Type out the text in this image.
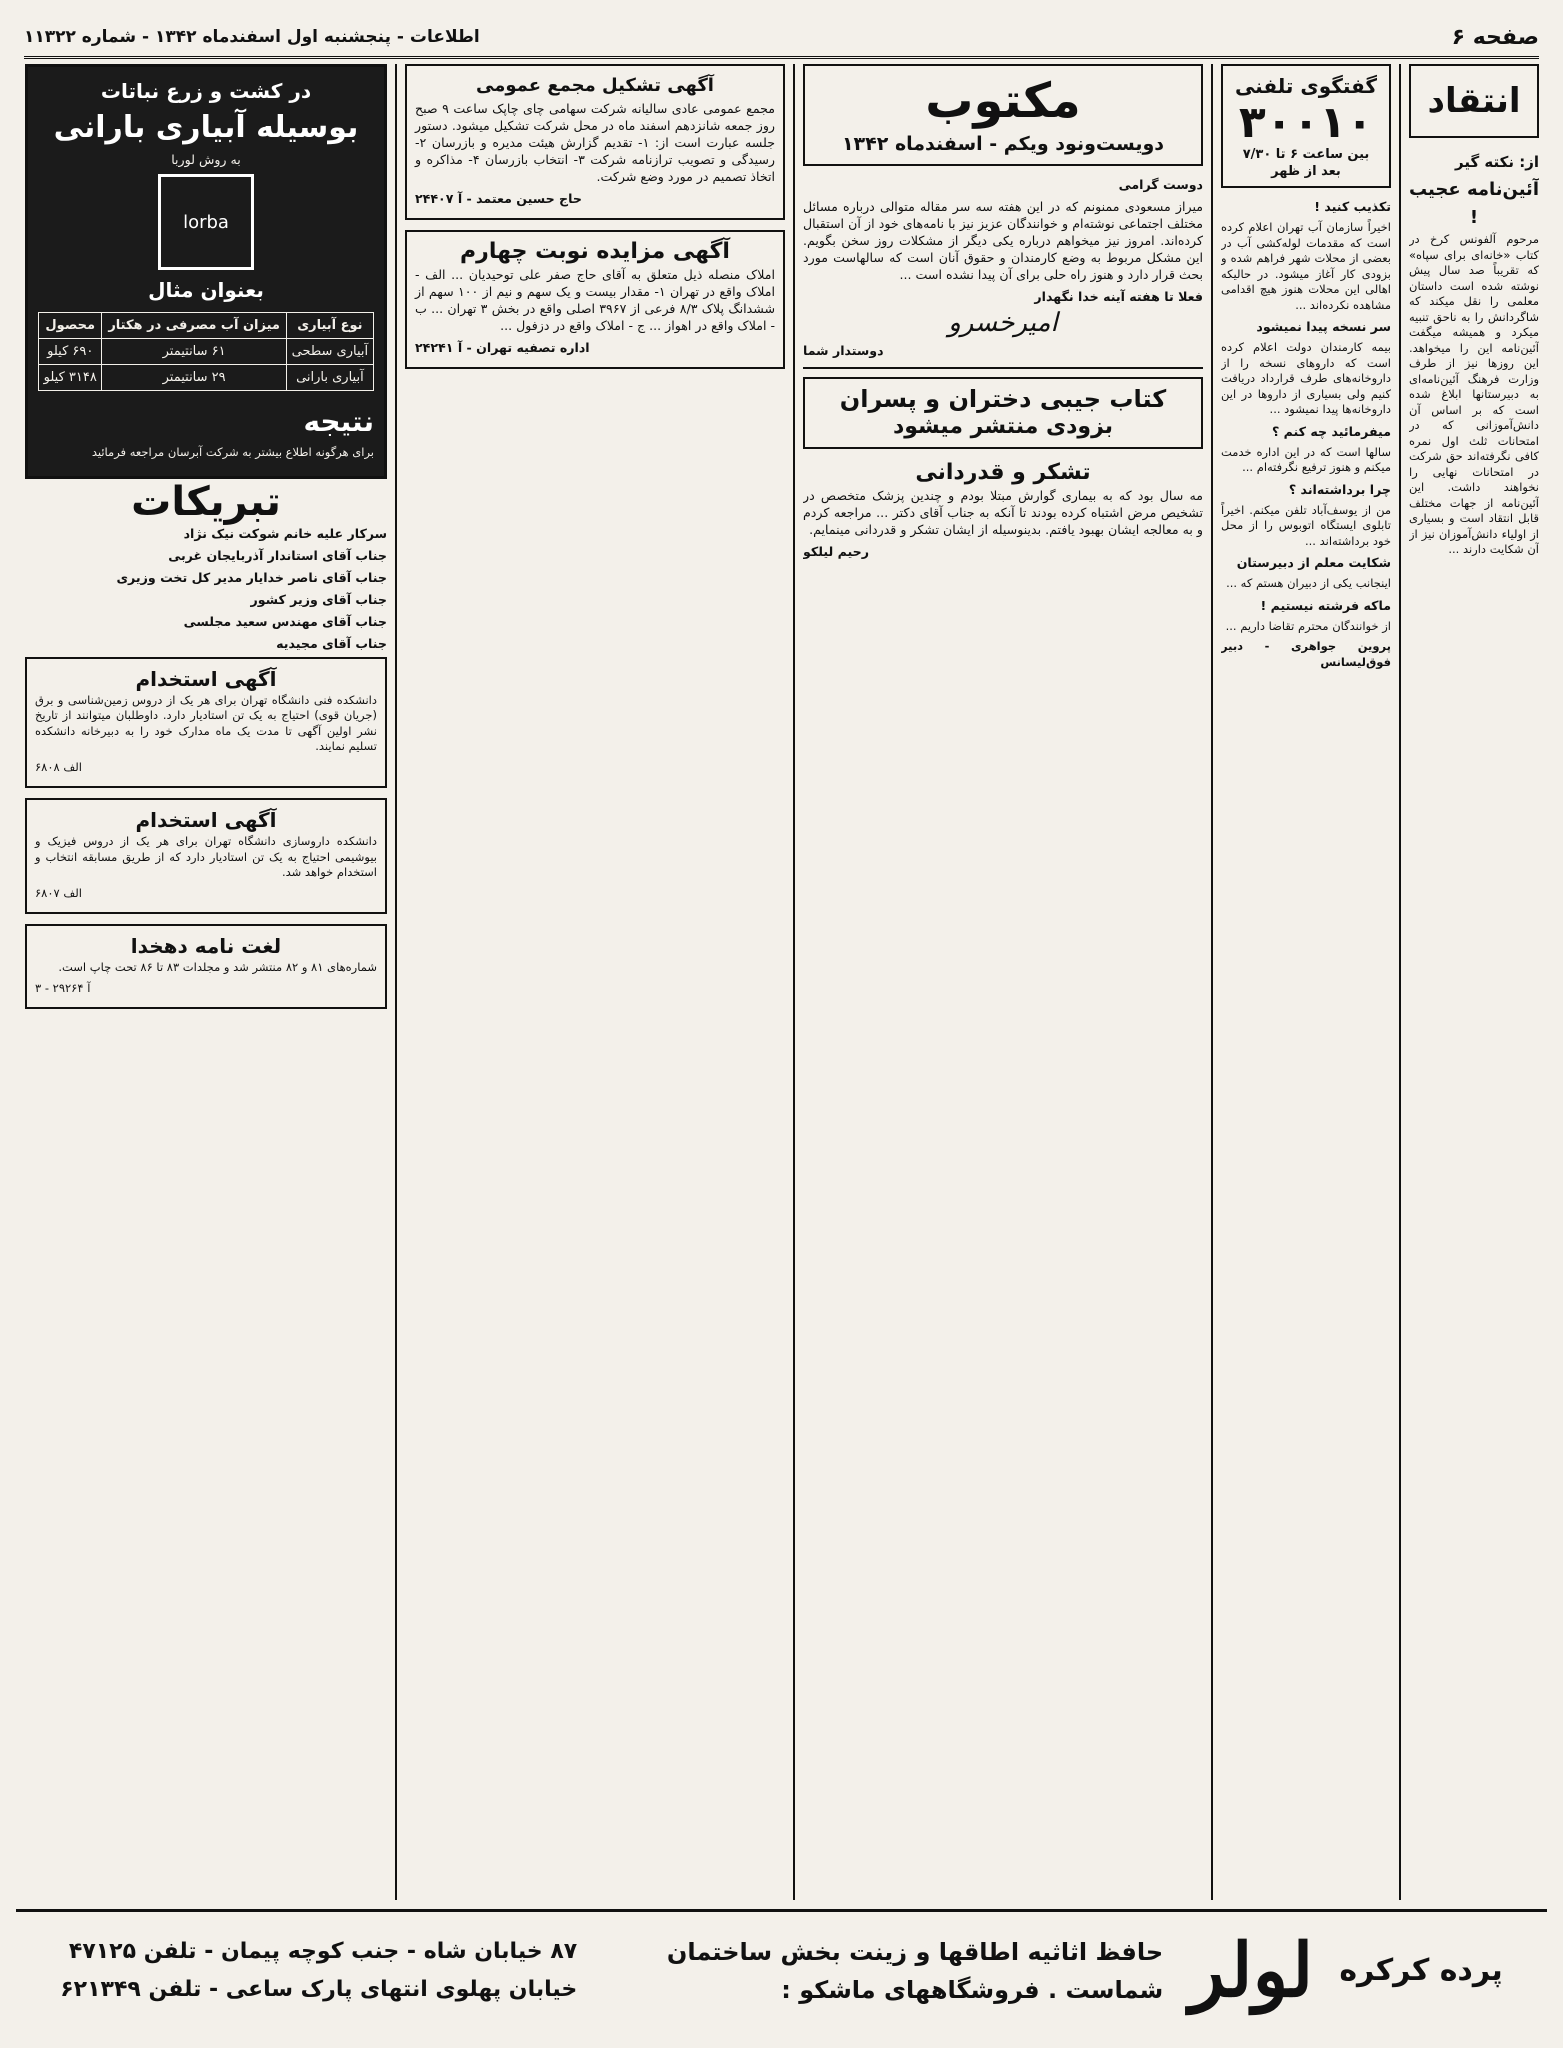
صفحه ۶
اطلاعات - پنجشنبه اول اسفندماه ۱۳۴۲ - شماره ۱۱۳۲۲
انتقاد
از: نکته گیر
آئین‌نامه عجیب !

مرحوم آلفونس کرخ در کتاب «خانه‌ای برای سپاه» که تقریباً صد سال پیش نوشته شده است داستان معلمی را نقل میکند که شاگردانش را به ناحق تنبیه میکرد و همیشه میگفت آئین‌نامه این را میخواهد. این روزها نیز از طرف وزارت فرهنگ آئین‌نامه‌ای به دبیرستانها ابلاغ شده است که بر اساس آن دانش‌آموزانی که در امتحانات ثلث اول نمره کافی نگرفته‌اند حق شرکت در امتحانات نهایی را نخواهند داشت. این آئین‌نامه از جهات مختلف قابل انتقاد است و بسیاری از اولیاء دانش‌آموزان نیز از آن شکایت دارند ...

گفتگوی تلفنی
۳۰۰۱۰
بین ساعت ۶ تا ۷/۳۰ بعد از ظهر

تکذیب کنید !

اخیراً سازمان آب تهران اعلام کرده است که مقدمات لوله‌کشی آب در بعضی از محلات شهر فراهم شده و بزودی کار آغاز میشود. در حالیکه اهالی این محلات هنوز هیچ اقدامی مشاهده نکرده‌اند ...

سر نسخه پیدا نمیشود

بیمه کارمندان دولت اعلام کرده است که داروهای نسخه را از داروخانه‌های طرف قرارداد دریافت کنیم ولی بسیاری از داروها در این داروخانه‌ها پیدا نمیشود ...

میفرمائید چه کنم ؟

سالها است که در این اداره خدمت میکنم و هنوز ترفیع نگرفته‌ام ...

چرا برداشته‌اند ؟

من از یوسف‌آباد تلفن میکنم. اخیراً تابلوی ایستگاه اتوبوس را از محل خود برداشته‌اند ...

شکایت معلم از دبیرستان

اینجانب یکی از دبیران هستم که ...

ماکه فرشته نیستیم !

از خوانندگان محترم تقاضا داریم ...

پروین جواهری - دبیر فوق‌لیسانس

مکتوب
دویست‌ونود ویکم - اسفندماه ۱۳۴۲

دوست گرامی

میراز مسعودی ممنونم که در این هفته سه سر مقاله متوالی درباره مسائل مختلف اجتماعی نوشته‌ام و خوانندگان عزیز نیز با نامه‌های خود از آن استقبال کرده‌اند. امروز نیز میخواهم درباره یکی دیگر از مشکلات روز سخن بگویم. این مشکل مربوط به وضع کارمندان و حقوق آنان است که سالهاست مورد بحث قرار دارد و هنوز راه حلی برای آن پیدا نشده است ...

فعلا تا هفته آینه خدا نگهدار

امیرخسرو

دوستدار شما

کتاب جیبی دختران و پسران
بزودی منتشر میشود
تشکر و قدردانی

مه سال بود که به بیماری گوارش مبتلا بودم و چندین پزشک متخصص در تشخیص مرض اشتباه کرده بودند تا آنکه به جناب آقای دکتر ... مراجعه کردم و به معالجه ایشان بهبود یافتم. بدینوسیله از ایشان تشکر و قدردانی مینمایم.

رحیم لیلکو

آگهی تشکیل مجمع عمومی

مجمع عمومی عادی سالیانه شرکت سهامی چای چاپک ساعت ۹ صبح روز جمعه شانزدهم اسفند ماه در محل شرکت تشکیل میشود. دستور جلسه عبارت است از: ۱- تقدیم گزارش هیئت مدیره و بازرسان ۲- رسیدگی و تصویب ترازنامه شرکت ۳- انتخاب بازرسان ۴- مذاکره و اتخاذ تصمیم در مورد وضع شرکت.

حاج حسین معتمد - آ ۲۴۴۰۷

آگهی مزایده نوبت چهارم

املاک منصله ذیل متعلق به آقای حاج صفر علی توحیدیان ... الف - املاک واقع در تهران ۱- مقدار بیست و یک سهم و نیم از ۱۰۰ سهم از ششدانگ پلاک ۸/۳ فرعی از ۳۹۶۷ اصلی واقع در بخش ۳ تهران ... ب - املاک واقع در اهواز ... ج - املاک واقع در دزفول ...

اداره تصفیه تهران - آ ۲۴۲۴۱

در کشت و زرع نباتات
بوسیله آبیاری بارانی
به روش لوربا
lorba
بعنوان مثال
نوع آبیاری	میزان آب مصرفی در هکتار	محصول
آبیاری سطحی	۶۱ سانتیمتر	۶۹۰ کیلو
آبیاری بارانی	۲۹ سانتیمتر	۳۱۴۸ کیلو
نتیجه

برای هرگونه اطلاع بیشتر به شرکت آبرسان مراجعه فرمائید

تبریکات

سرکار علیه خانم شوکت نیک نژاد

جناب آقای استاندار آذربایجان غربی

جناب آقای ناصر خدایار مدیر کل تخت وزیری

جناب آقای وزیر کشور

جناب آقای مهندس سعید مجلسی

جناب آقای مجیدیه

آگهی استخدام

دانشکده فنی دانشگاه تهران برای هر یک از دروس زمین‌شناسی و برق (جریان قوی) احتیاج به یک تن استادیار دارد. داوطلبان میتوانند از تاریخ نشر اولین آگهی تا مدت یک ماه مدارک خود را به دبیرخانه دانشکده تسلیم نمایند.

الف ۶۸۰۸

آگهی استخدام

دانشکده داروسازی دانشگاه تهران برای هر یک از دروس فیزیک و بیوشیمی احتیاج به یک تن استادیار دارد که از طریق مسابقه انتخاب و استخدام خواهد شد.

الف ۶۸۰۷

لغت نامه دهخدا

شماره‌های ۸۱ و ۸۲ منتشر شد و مجلدات ۸۳ تا ۸۶ تحت چاپ است.

آ ۲۹۲۶۴ - ۳

پرده کرکره
لولر
حافظ اثاثیه اطاقها و زینت بخش ساختمان شماست . فروشگاههای ماشکو :
۸۷ خیابان شاه - جنب کوچه پیمان - تلفن ۴۷۱۲۵
خیابان پهلوی انتهای پارک ساعی - تلفن ۶۲۱۳۴۹
